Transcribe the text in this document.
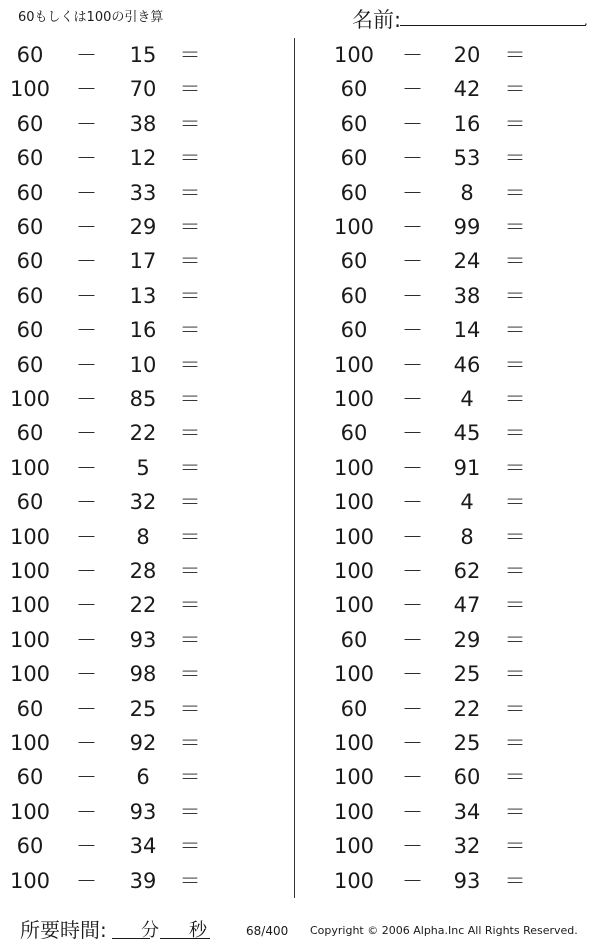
60もしくは100の引き算	名前:	.
60	－	15	＝
100	－	70	＝
60	－	38	＝
60	－	12	＝
60	－	33	＝
60	－	29	＝
60	－	17	＝
60	－	13	＝
60	－	16	＝
60	－	10	＝
100	－	85	＝
60	－	22	＝
100	－	5	＝
60	－	32	＝
100	－	8	＝
100	－	28	＝
100	－	22	＝
100	－	93	＝
100	－	98	＝
60	－	25	＝
100	－	92	＝
60	－	6	＝
100	－	93	＝
60	－	34	＝
100	－	39	＝
100	－	20	＝
60	－	42	＝
60	－	16	＝
60	－	53	＝
60	－	8	＝
100	－	99	＝
60	－	24	＝
60	－	38	＝
60	－	14	＝
100	－	46	＝
100	－	4	＝
60	－	45	＝
100	－	91	＝
100	－	4	＝
100	－	8	＝
100	－	62	＝
100	－	47	＝
60	－	29	＝
100	－	25	＝
60	－	22	＝
100	－	25	＝
100	－	60	＝
100	－	34	＝
100	－	32	＝
100	－	93	＝
所要時間: 分 秒	68/400 Copyright © 2006 Alpha.Inc All Rights Reserved.
